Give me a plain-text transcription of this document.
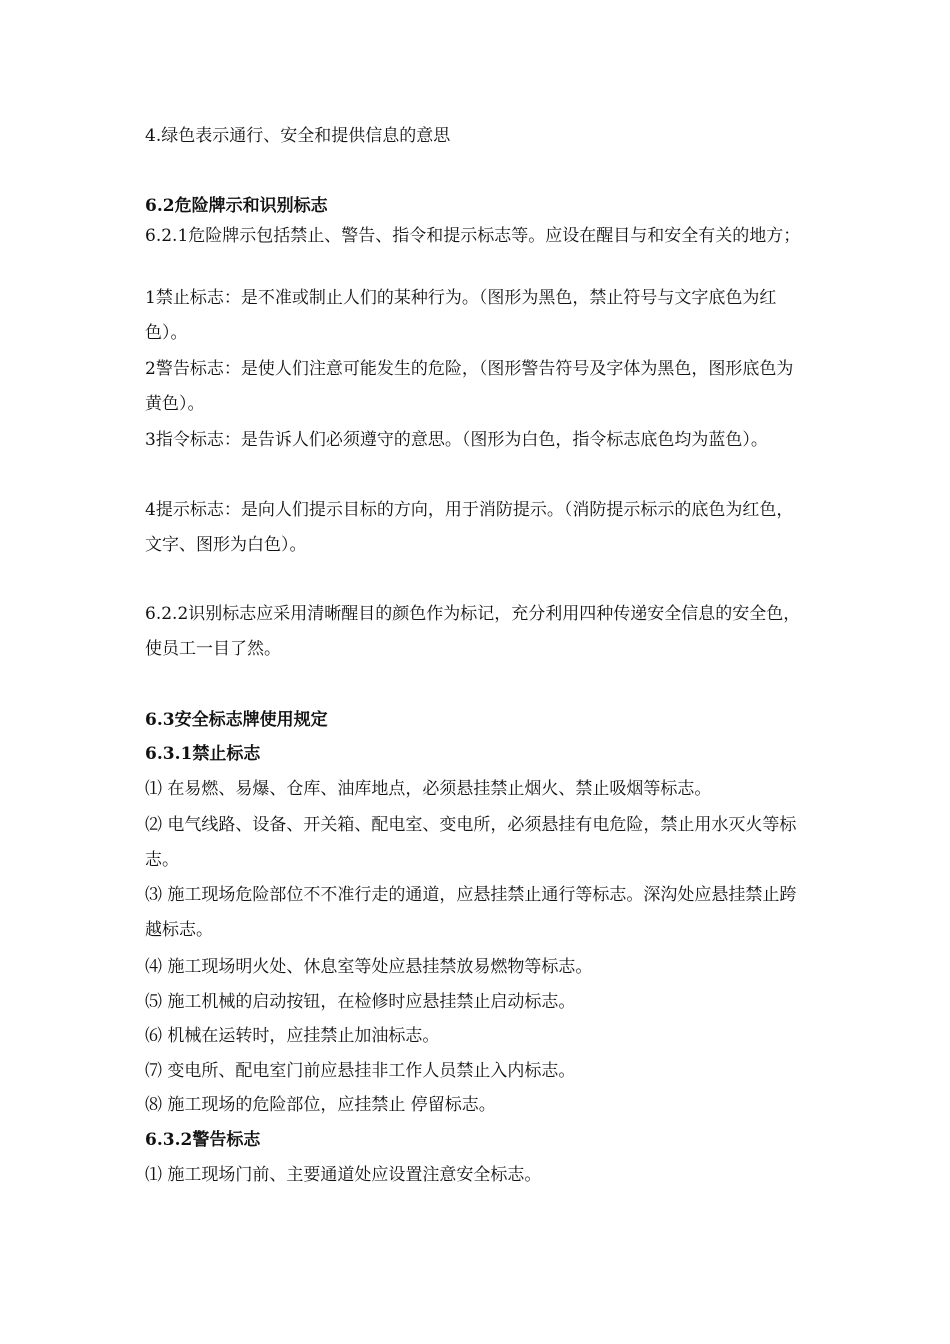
4.绿色表示通行、安全和提供信息的意思
6.2危险牌示和识别标志
6.2.1危险牌示包括禁止、警告、指令和提示标志等。应设在醒目与和安全有关的地方；
1禁止标志：是不准或制止人们的某种行为。（图形为黑色，禁止符号与文字底色为红色）。
2警告标志：是使人们注意可能发生的危险，（图形警告符号及字体为黑色，图形底色为黄色）。
3指令标志：是告诉人们必须遵守的意思。（图形为白色，指令标志底色均为蓝色）。
4提示标志：是向人们提示目标的方向，用于消防提示。（消防提示标示的底色为红色，文字、图形为白色）。
6.2.2识别标志应采用清晰醒目的颜色作为标记，充分利用四种传递安全信息的安全色，使员工一目了然。
6.3安全标志牌使用规定
6.3.1禁止标志
⑴ 在易燃、易爆、仓库、油库地点，必须悬挂禁止烟火、禁止吸烟等标志。
⑵ 电气线路、设备、开关箱、配电室、变电所，必须悬挂有电危险，禁止用水灭火等标志。
⑶ 施工现场危险部位不不准行走的通道，应悬挂禁止通行等标志。深沟处应悬挂禁止跨越标志。
⑷ 施工现场明火处、休息室等处应悬挂禁放易燃物等标志。
⑸ 施工机械的启动按钮，在检修时应悬挂禁止启动标志。
⑹ 机械在运转时，应挂禁止加油标志。
⑺ 变电所、配电室门前应悬挂非工作人员禁止入内标志。
⑻ 施工现场的危险部位，应挂禁止 停留标志。
6.3.2警告标志
⑴ 施工现场门前、主要通道处应设置注意安全标志。
